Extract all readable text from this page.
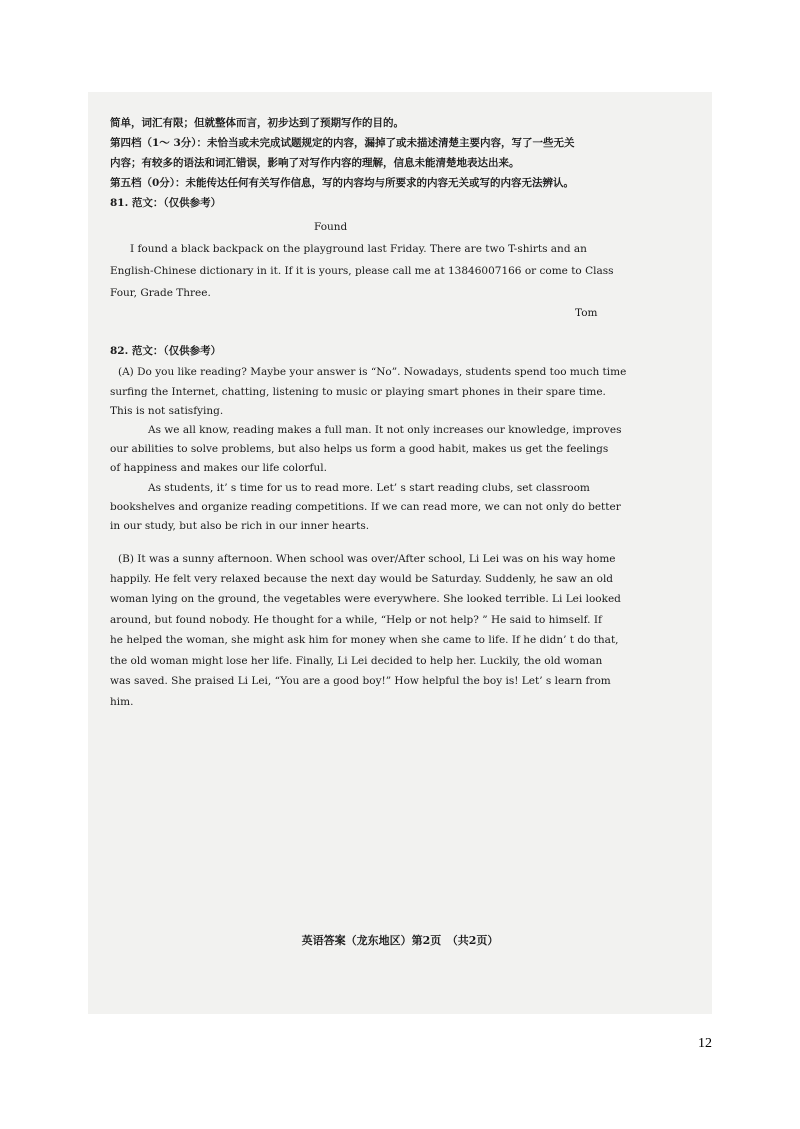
简单，词汇有限；但就整体而言，初步达到了预期写作的目的。
第四档（1～ 3分）：未恰当或未完成试题规定的内容，漏掉了或未描述清楚主要内容，写了一些无关
内容；有较多的语法和词汇错误，影响了对写作内容的理解，信息未能清楚地表达出来。
第五档（0分）：未能传达任何有关写作信息，写的内容均与所要求的内容无关或写的内容无法辨认。
81. 范文：（仅供参考）
Found
I found a black backpack on the playground last Friday. There are two T-shirts and an
English-Chinese dictionary in it. If it is yours, please call me at 13846007166 or come to Class
Four, Grade Three.
Tom
82. 范文：（仅供参考）
(A) Do you like reading? Maybe your answer is “No”. Nowadays, students spend too much time
surfing the Internet, chatting, listening to music or playing smart phones in their spare time.
This is not satisfying.
As we all know, reading makes a full man. It not only increases our knowledge, improves
our abilities to solve problems, but also helps us form a good habit, makes us get the feelings
of happiness and makes our life colorful.
As students, it’ s time for us to read more. Let’ s start reading clubs, set classroom
bookshelves and organize reading competitions. If we can read more, we can not only do better
in our study, but also be rich in our inner hearts.
(B) It was a sunny afternoon. When school was over/After school, Li Lei was on his way home
happily. He felt very relaxed because the next day would be Saturday. Suddenly, he saw an old
woman lying on the ground, the vegetables were everywhere. She looked terrible. Li Lei looked
around, but found nobody. He thought for a while, “Help or not help? ” He said to himself. If
he helped the woman, she might ask him for money when she came to life. If he didn’ t do that,
the old woman might lose her life. Finally, Li Lei decided to help her. Luckily, the old woman
was saved. She praised Li Lei, “You are a good boy!” How helpful the boy is! Let’ s learn from
him.
英语答案（龙东地区）第2页　（共2页）
12
